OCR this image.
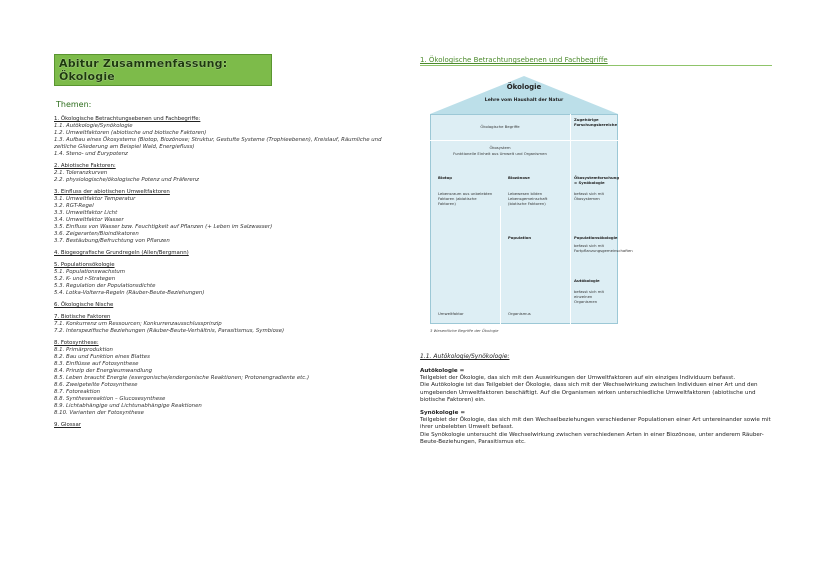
Abitur Zusammenfassung: Ökologie
Themen:
1. Ökologische Betrachtungsebenen und Fachbegriffe:
1.1. Autökologie/Synökologie
1.2. Umweltfaktoren (abiotische und biotische Faktoren)
1.3. Aufbau eines Ökosystems (Biotop, Biozönose; Struktur, Gestufte Systeme (Trophieebenen), Kreislauf, Räumliche und zeitliche Gliederung am Beispiel Wald, Energiefluss)
1.4. Steno- und Eurypotenz
2. Abiotische Faktoren:
2.1. Toleranzkurven
2.2. physiologische/ökologische Potenz und Präferenz
3. Einfluss der abiotischen Umweltfaktoren
3.1. Umweltfaktor Temperatur
3.2. RGT-Regel
3.3. Umweltfaktor Licht
3.4. Umweltfaktor Wasser
3.5. Einfluss von Wasser bzw. Feuchtigkeit auf Pflanzen (+ Leben im Salzwasser)
3.6. Zeigerarten/Bioindikatoren
3.7. Bestäubung/Befruchtung von Pflanzen
4. Biogeografische Grundregeln (Allen/Bergmann)
5. Populationsökologie
5.1. Populationswachstum
5.2. K- und r-Strategen
5.3. Regulation der Populationsdichte
5.4. Lotka-Volterra-Regeln (Räuber-Beute-Beziehungen)
6. Ökologische Nische
7. Biotische Faktoren
7.1. Konkurrenz um Ressourcen; Konkurrenzausschlussprinzip
7.2. Interspezifische Beziehungen (Räuber-Beute-Verhältnis, Parasitismus, Symbiose)
8. Fotosynthese:
8.1. Primärproduktion
8.2. Bau und Funktion eines Blattes
8.3. Einflüsse auf Fotosynthese
8.4. Prinzip der Energieumwandlung
8.5. Leben braucht Energie (exergonische/endergonische Reaktionen; Protonengradiente etc.)
8.6. Zweigeteilte Fotosynthese
8.7. Fotoreaktion
8.8. Synthesereaktion – Glucosesynthese
8.9. Lichtabhängige und Lichtunabhängige Reaktionen
8.10. Varianten der Fotosynthese
9. Glossar
1. Ökologische Betrachtungsebenen und Fachbegriffe
Ökologie
Lehre vom Haushalt der Natur
Ökologische Begriffe
Zugehörige Forschungsbereiche
Ökosystem
Funktionelle Einheit aus Umwelt und Organismen
Biotop
Lebensraum aus unbelebten Faktoren (abiotische Faktoren)
Biozönose
Lebewesen bilden Lebensgemeinschaft (biotische Faktoren)
Population
Umweltfaktor	Organismus
Ökosystemforschung = Synökologie
befasst sich mit Ökosystemen
Populationsökologie
befasst sich mit Fortpflanzungsgemeinschaften
Autökologie
befasst sich mit einzelnen Organismen
3 Wesentliche Begriffe der Ökologie
1.1. Autökologie/Synökologie:
Autökologie =

Teilgebiet der Ökologie, das sich mit den Auswirkungen der Umweltfaktoren auf ein einziges Individuum befasst.

Die Autökologie ist das Teilgebiet der Ökologie, dass sich mit der Wechselwirkung zwischen Individuen einer Art und den umgebenden Umweltfaktoren beschäftigt. Auf die Organismen wirken unterschiedliche Umweltfaktoren (abiotische und biotische Faktoren) ein.

Synökologie =

Teilgebiet der Ökologie, das sich mit den Wechselbeziehungen verschiedener Populationen einer Art untereinander sowie mit ihrer unbelebten Umwelt befasst.

Die Synökologie untersucht die Wechselwirkung zwischen verschiedenen Arten in einer Biozönose, unter anderem Räuber-Beute-Beziehungen, Parasitismus etc.
